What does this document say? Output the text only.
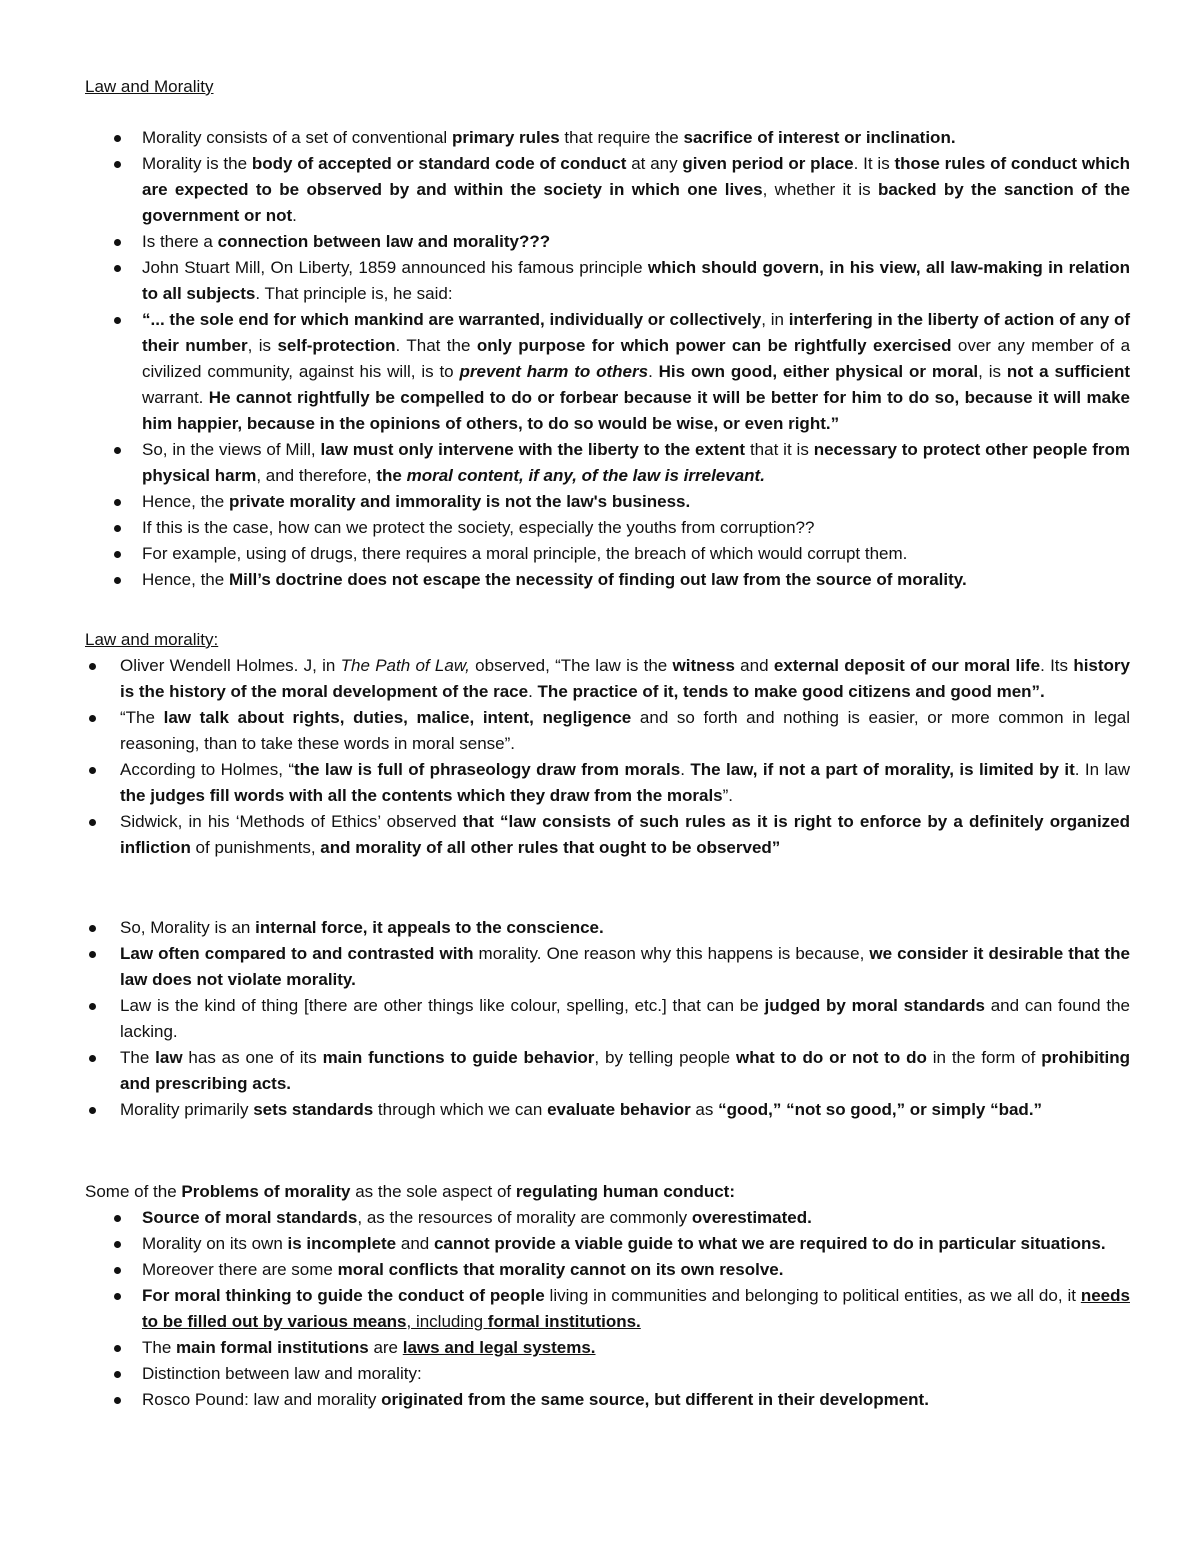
Law and Morality
Morality consists of a set of conventional primary rules that require the sacrifice of interest or inclination.
Morality is the body of accepted or standard code of conduct at any given period or place. It is those rules of conduct which are expected to be observed by and within the society in which one lives, whether it is backed by the sanction of the government or not.
Is there a connection between law and morality???
John Stuart Mill, On Liberty, 1859 announced his famous principle which should govern, in his view, all law-making in relation to all subjects. That principle is, he said:
“... the sole end for which mankind are warranted, individually or collectively, in interfering in the liberty of action of any of their number, is self-protection. That the only purpose for which power can be rightfully exercised over any member of a civilized community, against his will, is to prevent harm to others. His own good, either physical or moral, is not a sufficient warrant. He cannot rightfully be compelled to do or forbear because it will be better for him to do so, because it will make him happier, because in the opinions of others, to do so would be wise, or even right.”
So, in the views of Mill, law must only intervene with the liberty to the extent that it is necessary to protect other people from physical harm, and therefore, the moral content, if any, of the law is irrelevant.
Hence, the private morality and immorality is not the law's business.
If this is the case, how can we protect the society, especially the youths from corruption??
For example, using of drugs, there requires a moral principle, the breach of which would corrupt them.
Hence, the Mill’s doctrine does not escape the necessity of finding out law from the source of morality.
Law and morality:
Oliver Wendell Holmes. J, in The Path of Law, observed, “The law is the witness and external deposit of our moral life. Its history is the history of the moral development of the race. The practice of it, tends to make good citizens and good men”.
“The law talk about rights, duties, malice, intent, negligence and so forth and nothing is easier, or more common in legal reasoning, than to take these words in moral sense”.
According to Holmes, “the law is full of phraseology draw from morals. The law, if not a part of morality, is limited by it. In law the judges fill words with all the contents which they draw from the morals”.
Sidwick, in his ‘Methods of Ethics’ observed that “law consists of such rules as it is right to enforce by a definitely organized infliction of punishments, and morality of all other rules that ought to be observed”
So, Morality is an internal force, it appeals to the conscience.
Law often compared to and contrasted with morality. One reason why this happens is because, we consider it desirable that the law does not violate morality.
Law is the kind of thing [there are other things like colour, spelling, etc.] that can be judged by moral standards and can found the lacking.
The law has as one of its main functions to guide behavior, by telling people what to do or not to do in the form of prohibiting and prescribing acts.
Morality primarily sets standards through which we can evaluate behavior as “good,” “not so good,” or simply “bad.”

Some of the Problems of morality as the sole aspect of regulating human conduct:

Source of moral standards, as the resources of morality are commonly overestimated.
Morality on its own is incomplete and cannot provide a viable guide to what we are required to do in particular situations.
Moreover there are some moral conflicts that morality cannot on its own resolve.
For moral thinking to guide the conduct of people living in communities and belonging to political entities, as we all do, it needs to be filled out by various means, including formal institutions.
The main formal institutions are laws and legal systems.
Distinction between law and morality:
Rosco Pound: law and morality originated from the same source, but different in their development.
